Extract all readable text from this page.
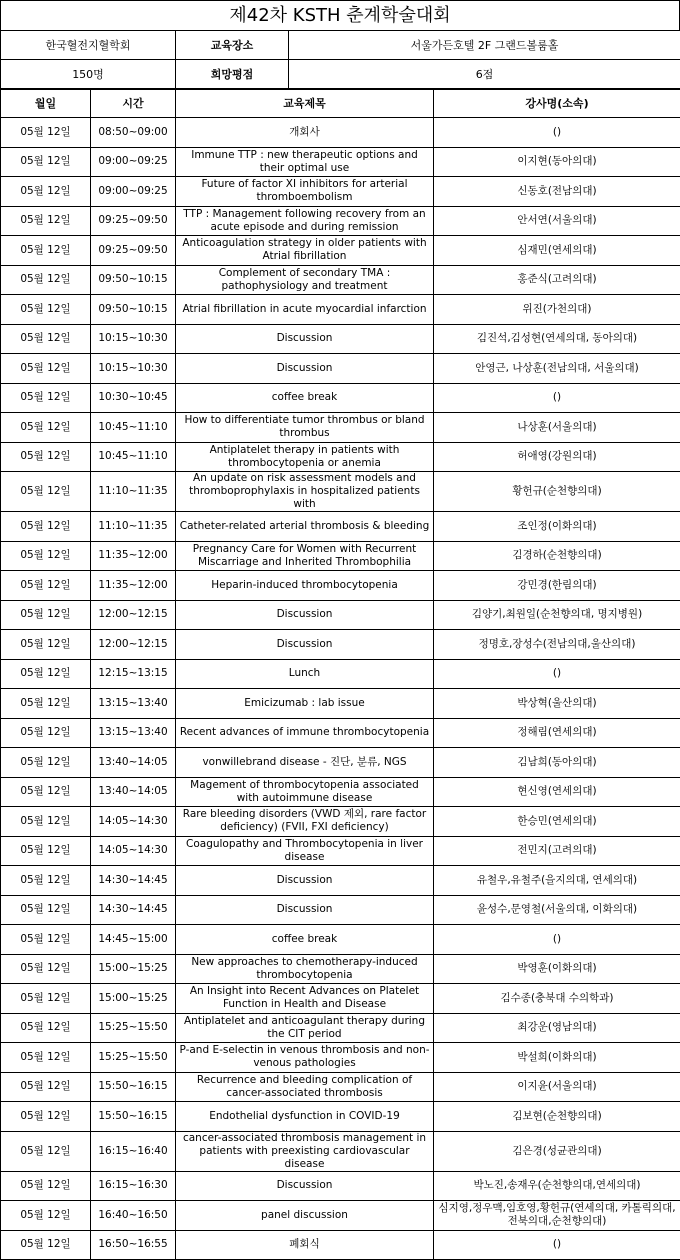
제42차 KSTH 춘계학술대회
한국혈전지혈학회	교육장소	서울가든호텔 2F 그랜드볼룸홀
150명	희망평점	6점
월일	시간	교육제목	강사명(소속)
05월 12일	08:50~09:00	개회사	()
05월 12일	09:00~09:25	Immune TTP : new therapeutic options and their optimal use	이지현(동아의대)
05월 12일	09:00~09:25	Future of factor XI inhibitors for arterial thromboembolism	신동호(전남의대)
05월 12일	09:25~09:50	TTP : Management following recovery from an acute episode and during remission	안서연(서울의대)
05월 12일	09:25~09:50	Anticoagulation strategy in older patients with Atrial fibrillation	심재민(연세의대)
05월 12일	09:50~10:15	Complement of secondary TMA : pathophysiology and treatment	홍준식(고려의대)
05월 12일	09:50~10:15	Atrial fibrillation in acute myocardial infarction	위진(가천의대)
05월 12일	10:15~10:30	Discussion	김진석,김성현(연세의대, 동아의대)
05월 12일	10:15~10:30	Discussion	안영근, 나상훈(전남의대, 서울의대)
05월 12일	10:30~10:45	coffee break	()
05월 12일	10:45~11:10	How to differentiate tumor thrombus or bland thrombus	나상훈(서울의대)
05월 12일	10:45~11:10	Antiplatelet therapy in patients with thrombocytopenia or anemia	허애영(강원의대)
05월 12일	11:10~11:35	An update on risk assessment models and thromboprophylaxis in hospitalized patients with	황헌규(순천향의대)
05월 12일	11:10~11:35	Catheter-related arterial thrombosis & bleeding	조인정(이화의대)
05월 12일	11:35~12:00	Pregnancy Care for Women with Recurrent Miscarriage and Inherited Thrombophilia	김경하(순천향의대)
05월 12일	11:35~12:00	Heparin-induced thrombocytopenia	강민경(한림의대)
05월 12일	12:00~12:15	Discussion	김양기,최원일(순천향의대, 명지병원)
05월 12일	12:00~12:15	Discussion	정명호,장성수(전남의대,울산의대)
05월 12일	12:15~13:15	Lunch	()
05월 12일	13:15~13:40	Emicizumab : lab issue	박상혁(울산의대)
05월 12일	13:15~13:40	Recent advances of immune thrombocytopenia	정해림(연세의대)
05월 12일	13:40~14:05	vonwillebrand disease - 진단, 분류, NGS	김남희(동아의대)
05월 12일	13:40~14:05	Magement of thrombocytopenia associated with autoimmune disease	현신영(연세의대)
05월 12일	14:05~14:30	Rare bleeding disorders (VWD 제외, rare factor deficiency) (FVII, FXI deficiency)	한승민(연세의대)
05월 12일	14:05~14:30	Coagulopathy and Thrombocytopenia in liver disease	전민지(고려의대)
05월 12일	14:30~14:45	Discussion	유철우,유철주(을지의대, 연세의대)
05월 12일	14:30~14:45	Discussion	윤성수,문영철(서울의대, 이화의대)
05월 12일	14:45~15:00	coffee break	()
05월 12일	15:00~15:25	New approaches to chemotherapy-induced thrombocytopenia	박영훈(이화의대)
05월 12일	15:00~15:25	An Insight into Recent Advances on Platelet Function in Health and Disease	김수종(충북대 수의학과)
05월 12일	15:25~15:50	Antiplatelet and anticoagulant therapy during the CIT period	최강운(영남의대)
05월 12일	15:25~15:50	P-and E-selectin in venous thrombosis and non-venous pathologies	박설희(이화의대)
05월 12일	15:50~16:15	Recurrence and bleeding complication of cancer-associated thrombosis	이지윤(서울의대)
05월 12일	15:50~16:15	Endothelial dysfunction in COVID-19	김보현(순천향의대)
05월 12일	16:15~16:40	cancer-associated thrombosis management in patients with preexisting cardiovascular disease	김은경(성균관의대)
05월 12일	16:15~16:30	Discussion	박노진,송재우(순천향의대,연세의대)
05월 12일	16:40~16:50	panel discussion	심지영,정우맥,임호영,황헌규(연세의대, 카톨릭의대, 전북의대,순천향의대)
05월 12일	16:50~16:55	폐회식	()
